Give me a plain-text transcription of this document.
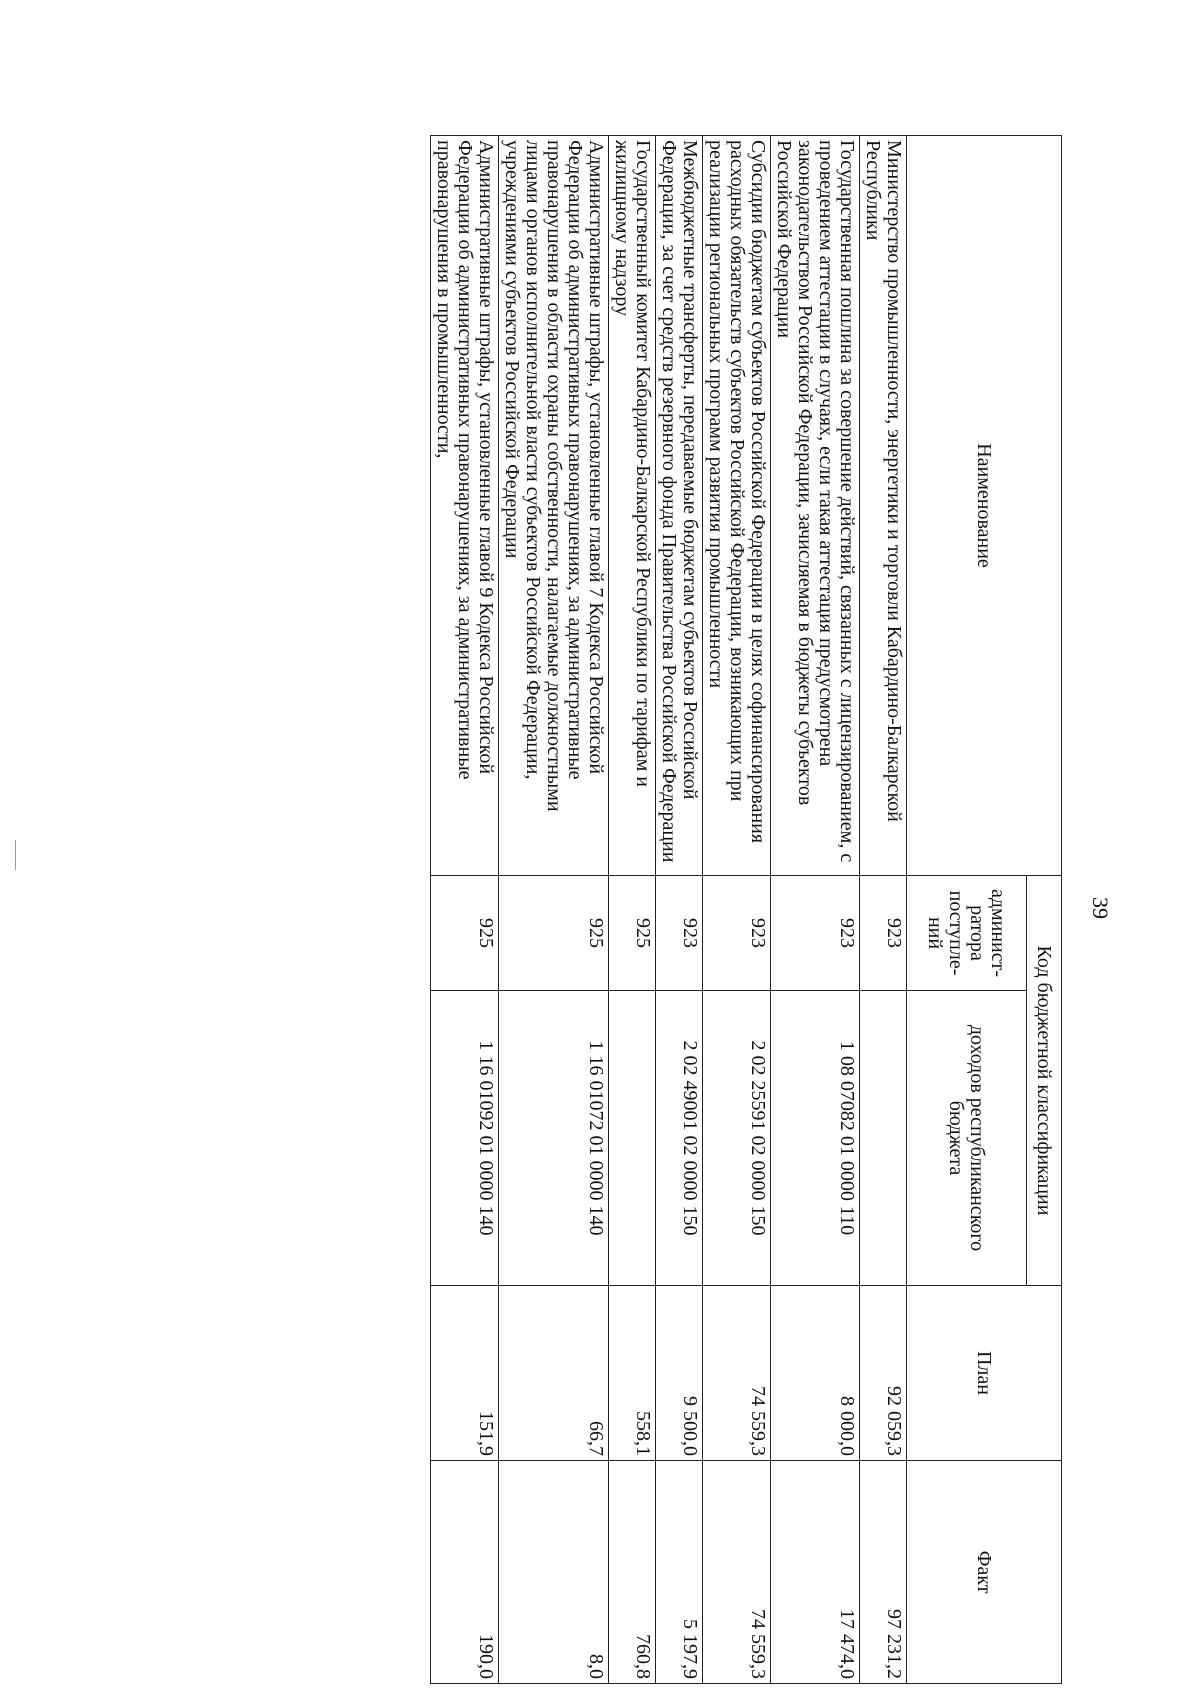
39
Наименование	Код бюджетной классификации		План	Факт
	админист-ратора поступле-ний	доходов республиканского бюджета		
Министерство промышленности, энергетики и торговли Кабардино-Балкарской Республики	923		92 059,3	97 231,2
Государственная пошлина за совершение действий, связанных с лицензированием, с проведением аттестации в случаях, если такая аттестация предусмотрена законодательством Российской Федерации, зачисляемая в бюджеты субъектов Российской Федерации	923	1 08 07082 01 0000 110	8 000,0	17 474,0
Субсидии бюджетам субъектов Российской Федерации в целях софинансирования расходных обязательств субъектов Российской Федерации, возникающих при реализации региональных программ развития промышленности	923	2 02 25591 02 0000 150	74 559,3	74 559,3
Межбюджетные трансферты, передаваемые бюджетам субъектов Российской Федерации, за счет средств резервного фонда Правительства Российской Федерации	923	2 02 49001 02 0000 150	9 500,0	5 197,9
Государственный комитет Кабардино-Балкарской Республики по тарифам и жилищному надзору	925		558,1	760,8
Административные штрафы, установленные главой 7 Кодекса Российской Федерации об административных правонарушениях, за административные правонарушения в области охраны собственности, налагаемые должностными лицами органов исполнительной власти субъектов Российской Федерации, учреждениями субъектов Российской Федерации	925	1 16 01072 01 0000 140	66,7	8,0
Административные штрафы, установленные главой 9 Кодекса Российской Федерации об административных правонарушениях, за административные правонарушения в промышленности,	925	1 16 01092 01 0000 140	151,9	190,0
